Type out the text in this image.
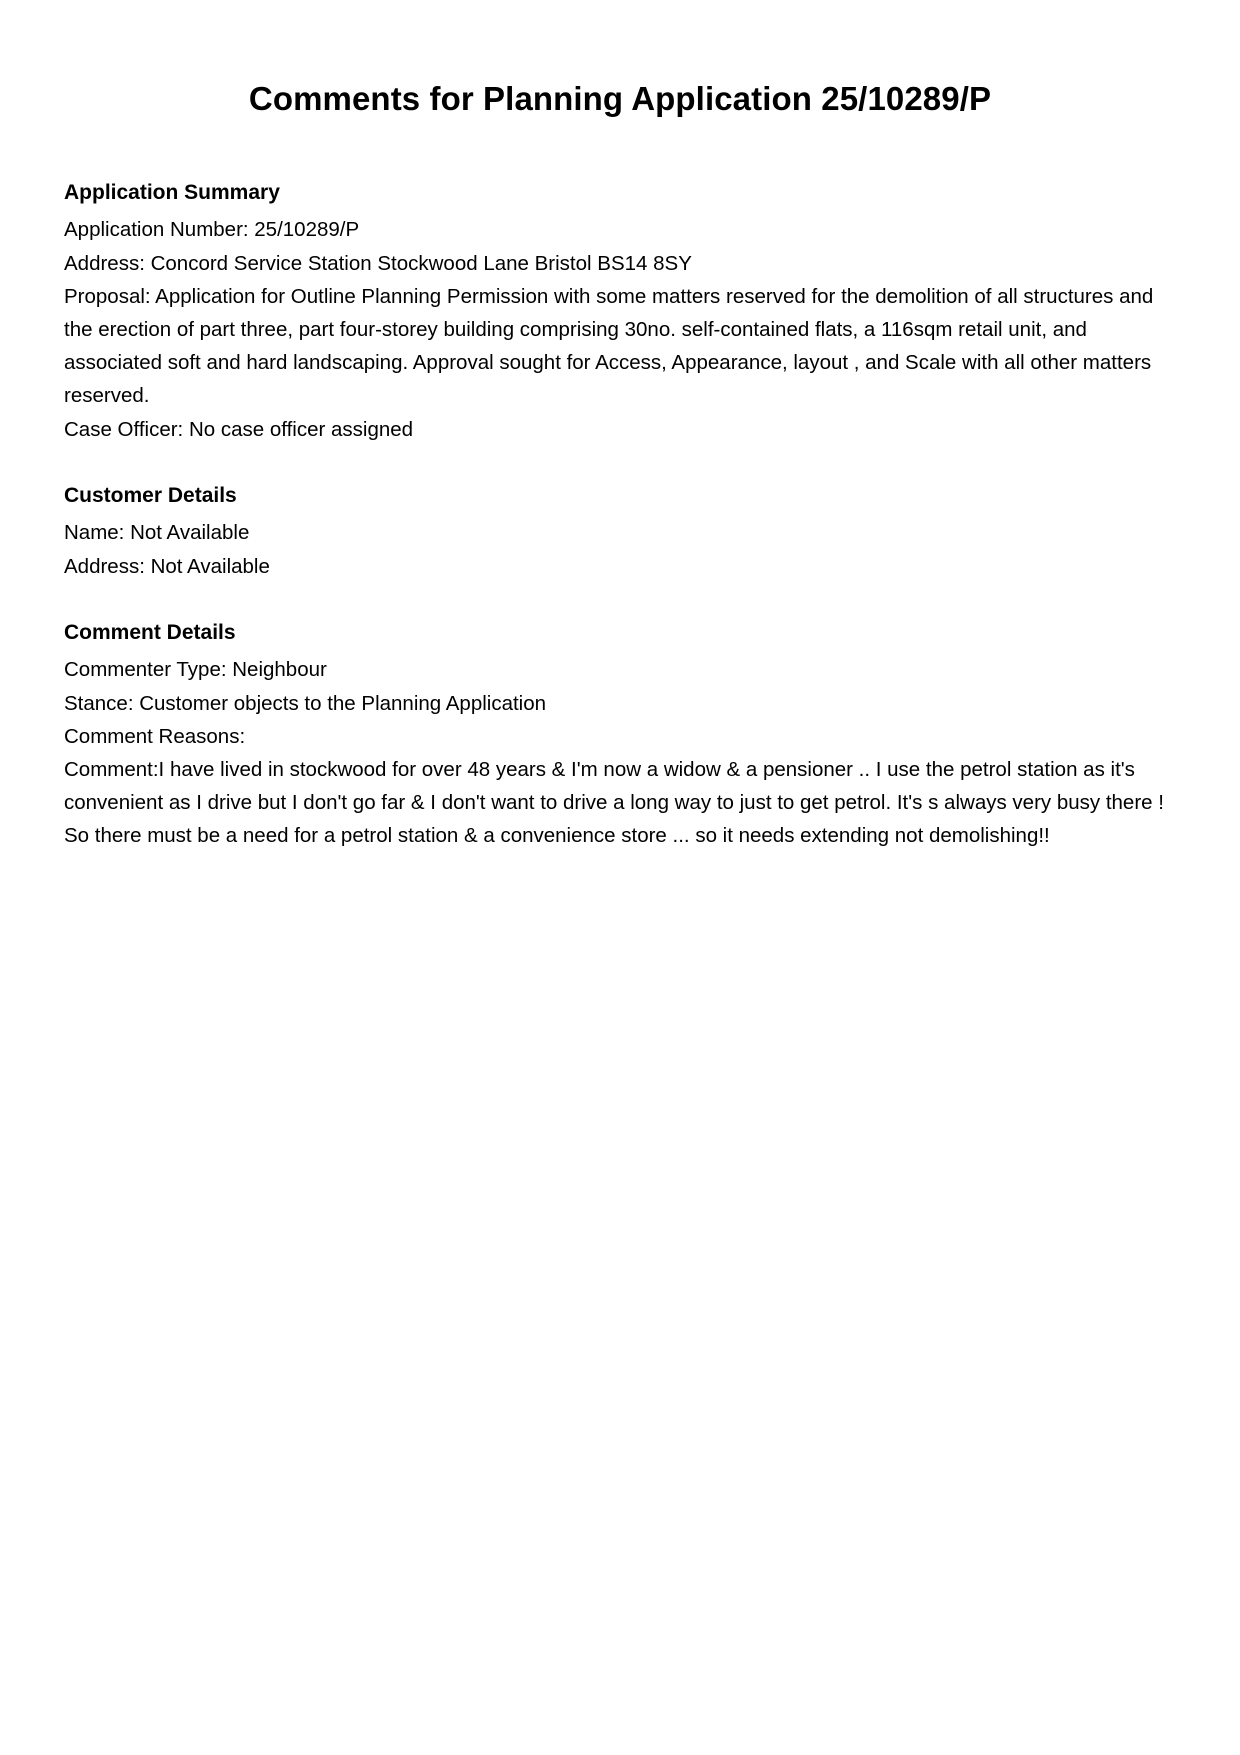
Comments for Planning Application 25/10289/P
Application Summary

Application Number: 25/10289/P

Address: Concord Service Station Stockwood Lane Bristol BS14 8SY

Proposal: Application for Outline Planning Permission with some matters reserved for the demolition of all structures and the erection of part three, part four-storey building comprising 30no. self-contained flats, a 116sqm retail unit, and associated soft and hard landscaping. Approval sought for Access, Appearance, layout , and Scale with all other matters reserved.

Case Officer: No case officer assigned

Customer Details

Name: Not Available

Address: Not Available

Comment Details

Commenter Type: Neighbour

Stance: Customer objects to the Planning Application

Comment Reasons:

Comment:I have lived in stockwood for over 48 years & I'm now a widow & a pensioner .. I use the petrol station as it's convenient as I drive but I don't go far & I don't want to drive a long way to just to get petrol. It's s always very busy there ! So there must be a need for a petrol station & a convenience store ... so it needs extending not demolishing!!
